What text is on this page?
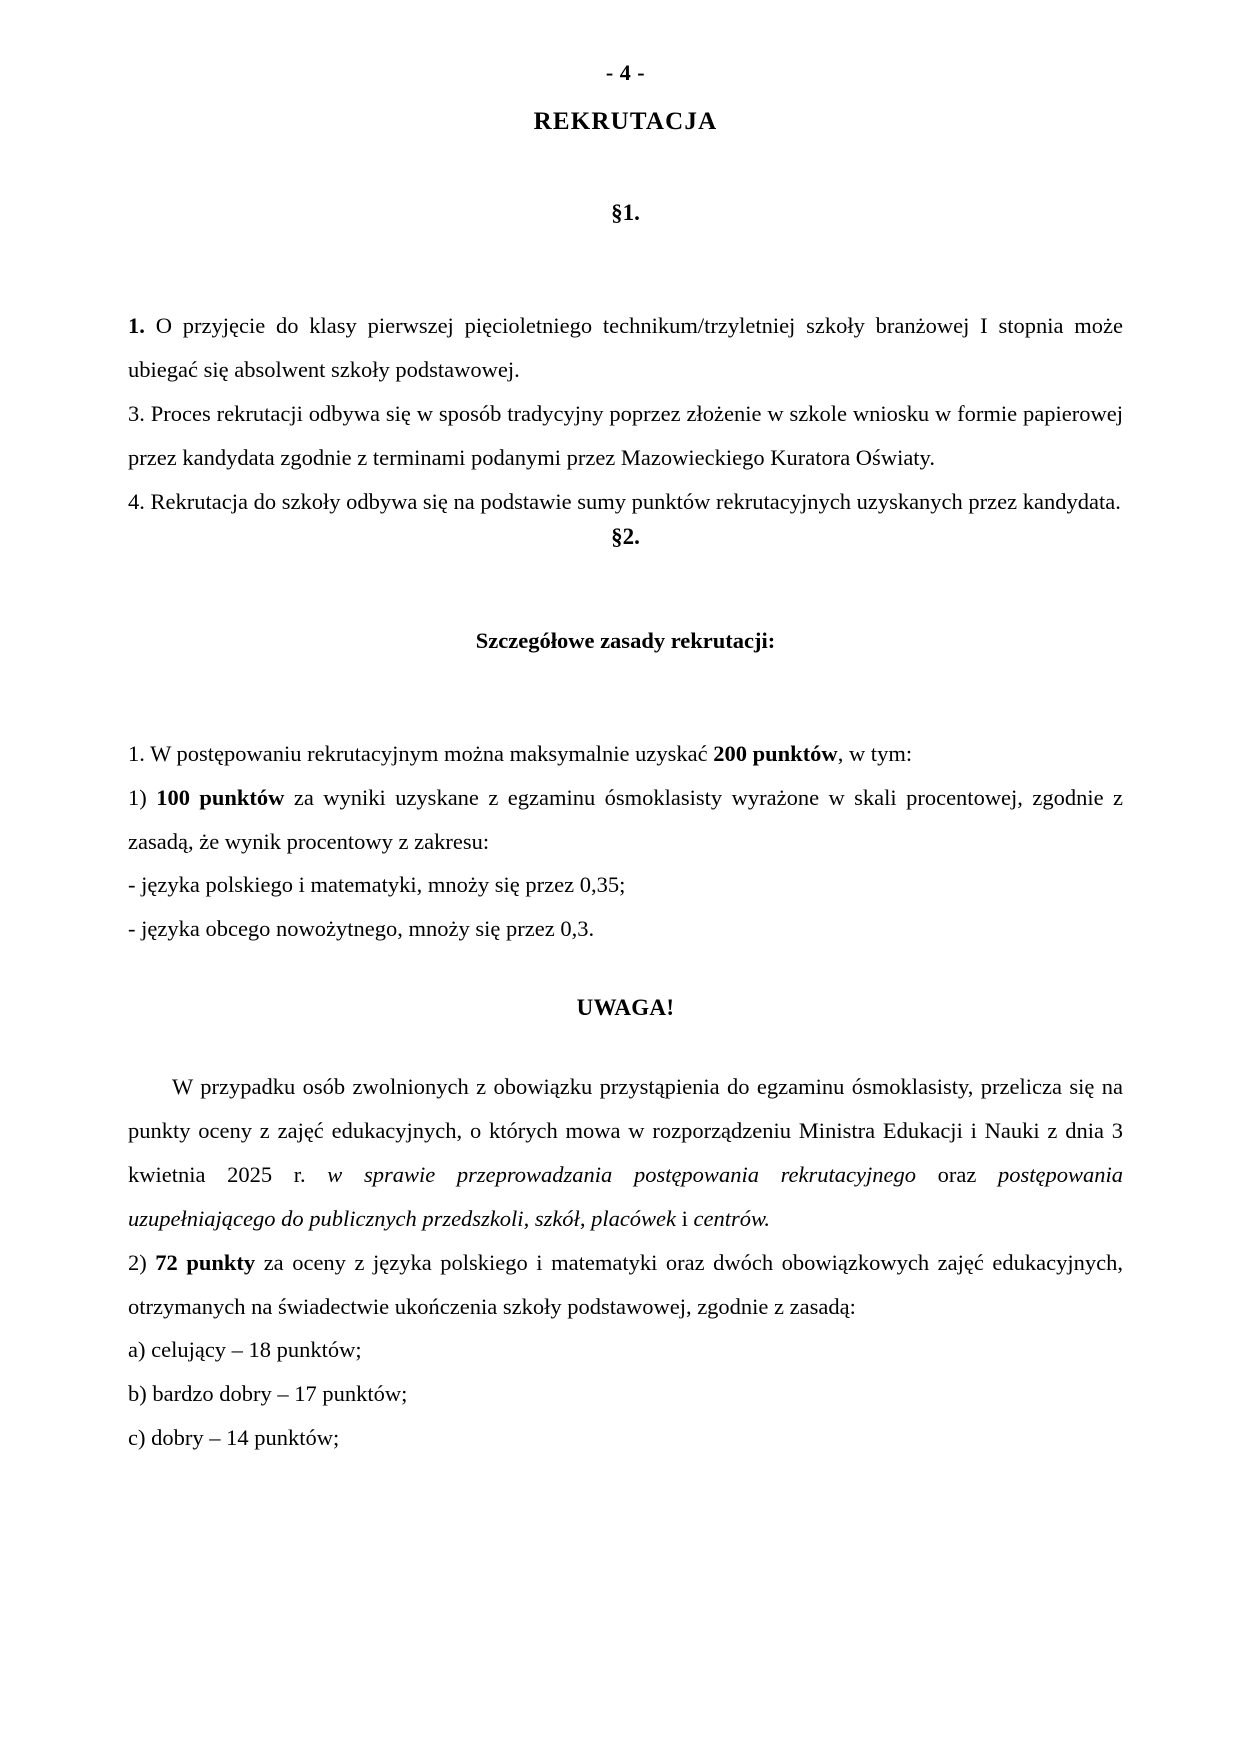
- 4 -
REKRUTACJA
§1.

1. O przyjęcie do klasy pierwszej pięcioletniego technikum/trzyletniej szkoły branżowej I stopnia może ubiegać się absolwent szkoły podstawowej.

3. Proces rekrutacji odbywa się w sposób tradycyjny poprzez złożenie w szkole wniosku w formie papierowej przez kandydata zgodnie z terminami podanymi przez Mazowieckiego Kuratora Oświaty.

4. Rekrutacja do szkoły odbywa się na podstawie sumy punktów rekrutacyjnych uzyskanych przez kandydata.

§2.
Szczegółowe zasady rekrutacji:

1. W postępowaniu rekrutacyjnym można maksymalnie uzyskać 200 punktów, w tym:

1) 100 punktów za wyniki uzyskane z egzaminu ósmoklasisty wyrażone w skali procentowej, zgodnie z zasadą, że wynik procentowy z zakresu:

- języka polskiego i matematyki, mnoży się przez 0,35;

- języka obcego nowożytnego, mnoży się przez 0,3.

UWAGA!

W przypadku osób zwolnionych z obowiązku przystąpienia do egzaminu ósmoklasisty, przelicza się na punkty oceny z zajęć edukacyjnych, o których mowa w rozporządzeniu Ministra Edukacji i Nauki z dnia 3 kwietnia 2025 r. w sprawie przeprowadzania postępowania rekrutacyjnego oraz postępowania uzupełniającego do publicznych przedszkoli, szkół, placówek i centrów.

2) 72 punkty za oceny z języka polskiego i matematyki oraz dwóch obowiązkowych zajęć edukacyjnych, otrzymanych na świadectwie ukończenia szkoły podstawowej, zgodnie z zasadą:

a) celujący – 18 punktów;

b) bardzo dobry – 17 punktów;

c) dobry – 14 punktów;
